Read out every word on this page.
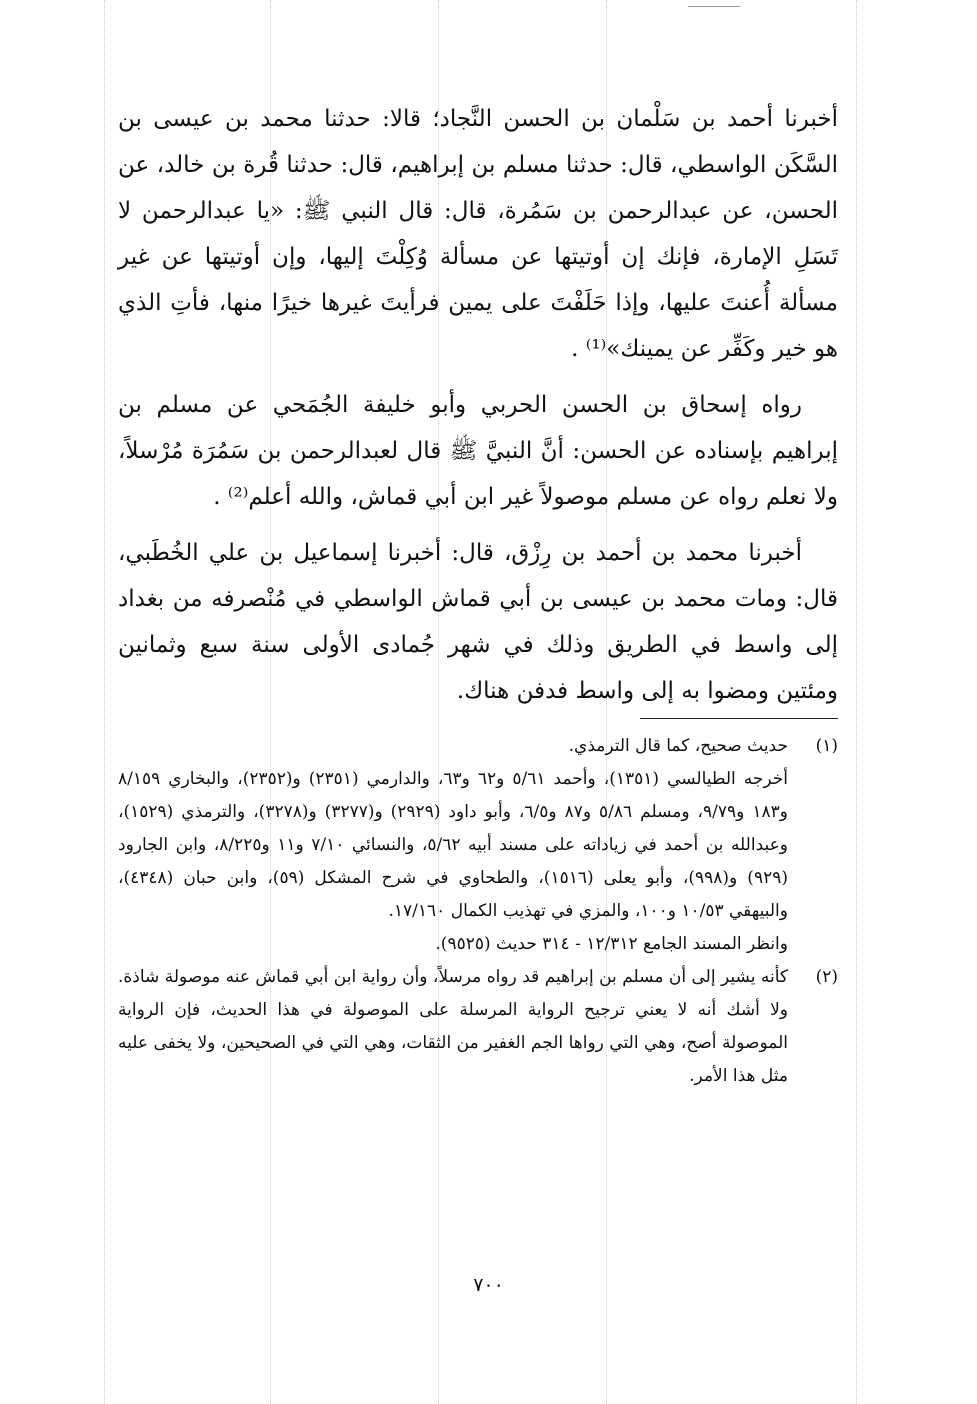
أخبرنا أحمد بن سَلْمان بن الحسن النَّجاد؛ قالا: حدثنا محمد بن عيسى بن السَّكَن الواسطي، قال: حدثنا مسلم بن إبراهيم، قال: حدثنا قُرة بن خالد، عن الحسن، عن عبدالرحمن بن سَمُرة، قال: قال النبي ﷺ: «يا عبدالرحمن لا تَسَلِ الإمارة، فإنك إن أوتيتها عن مسألة وُكِلْتَ إليها، وإن أوتيتها عن غير مسألة أُعنتَ عليها، وإذا حَلَفْتَ على يمين فرأيتَ غيرها خيرًا منها، فأتِ الذي هو خير وكَفِّر عن يمينك»⁽¹⁾ .

رواه إسحاق بن الحسن الحربي وأبو خليفة الجُمَحي عن مسلم بن إبراهيم بإسناده عن الحسن: أنَّ النبيَّ ﷺ قال لعبدالرحمن بن سَمُرَة مُرْسلاً، ولا نعلم رواه عن مسلم موصولاً غير ابن أبي قماش، والله أعلم⁽²⁾ .

أخبرنا محمد بن أحمد بن رِزْق، قال: أخبرنا إسماعيل بن علي الخُطَبي، قال: ومات محمد بن عيسى بن أبي قماش الواسطي في مُنْصرفه من بغداد إلى واسط في الطريق وذلك في شهر جُمادى الأولى سنة سبع وثمانين ومئتين ومضوا به إلى واسط فدفن هناك.

(١)
حديث صحيح، كما قال الترمذي.
أخرجه الطيالسي (١٣٥١)، وأحمد ٥/٦١ و٦٢ و٦٣، والدارمي (٢٣٥١) و(٢٣٥٢)، والبخاري ٨/١٥٩ و١٨٣ و٩/٧٩، ومسلم ٥/٨٦ و٨٧ و٦/٥، وأبو داود (٢٩٢٩) و(٣٢٧٧) و(٣٢٧٨)، والترمذي (١٥٢٩)، وعبدالله بن أحمد في زياداته على مسند أبيه ٥/٦٢، والنسائي ٧/١٠ و١١ و٨/٢٢٥، وابن الجارود (٩٢٩) و(٩٩٨)، وأبو يعلى (١٥١٦)، والطحاوي في شرح المشكل (٥٩)، وابن حبان (٤٣٤٨)، والبيهقي ١٠/٥٣ و١٠٠، والمزي في تهذيب الكمال ١٧/١٦٠.
وانظر المسند الجامع ١٢/٣١٢ - ٣١٤ حديث (٩٥٢٥).
(٢)
كأنه يشير إلى أن مسلم بن إبراهيم قد رواه مرسلاً، وأن رواية ابن أبي قماش عنه موصولة شاذة. ولا أشك أنه لا يعني ترجيح الرواية المرسلة على الموصولة في هذا الحديث، فإن الرواية الموصولة أصح، وهي التي رواها الجم الغفير من الثقات، وهي التي في الصحيحين، ولا يخفى عليه مثل هذا الأمر.
٧٠٠
